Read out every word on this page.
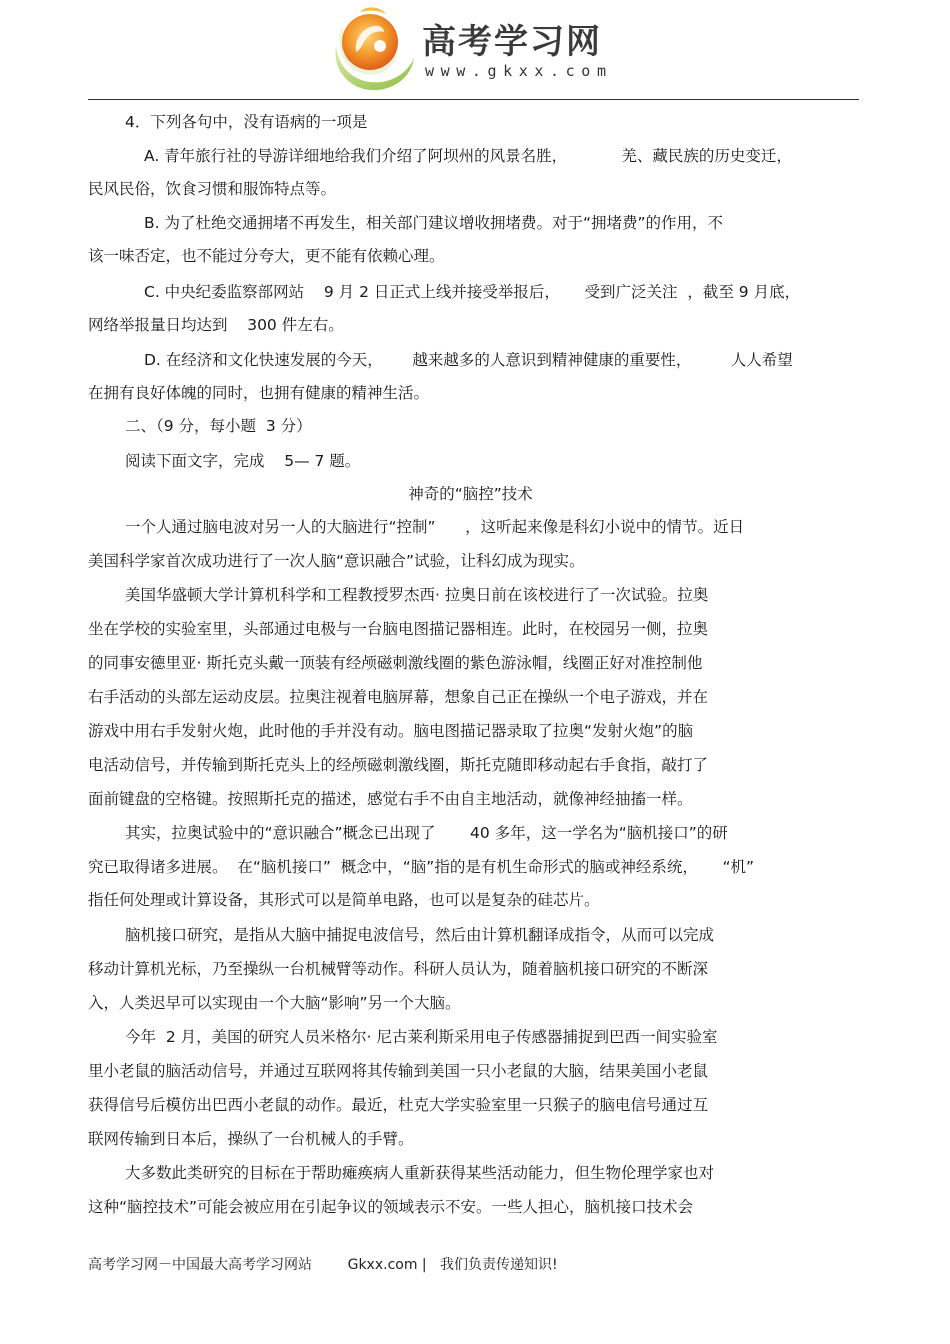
高考学习网
www.gkxx.com
4．下列各句中，没有语病的一项是
A. 青年旅行社的导游详细地给我们介绍了阿坝州的风景名胜，           羌、藏民族的历史变迁，
民风民俗，饮食习惯和服饰特点等。
B. 为了杜绝交通拥堵不再发生，相关部门建议增收拥堵费。对于“拥堵费”的作用，不
该一味否定，也不能过分夸大，更不能有依赖心理。
C. 中央纪委监察部网站    9 月 2 日正式上线并接受举报后，     受到广泛关注  ，截至 9 月底，
网络举报量日均达到    300 件左右。
D. 在经济和文化快速发展的今天，      越来越多的人意识到精神健康的重要性，        人人希望
在拥有良好体魄的同时，也拥有健康的精神生活。
二、（9 分，每小题  3 分）
阅读下面文字，完成    5— 7 题。
神奇的“脑控”技术
一个人通过脑电波对另一人的大脑进行“控制”      ，这听起来像是科幻小说中的情节。近日
美国科学家首次成功进行了一次人脑“意识融合”试验，让科幻成为现实。
美国华盛顿大学计算机科学和工程教授罗杰西· 拉奥日前在该校进行了一次试验。拉奥
坐在学校的实验室里，头部通过电极与一台脑电图描记器相连。此时，在校园另一侧，拉奥
的同事安德里亚· 斯托克头戴一顶装有经颅磁刺激线圈的紫色游泳帽，线圈正好对准控制他
右手活动的头部左运动皮层。拉奥注视着电脑屏幕，想象自己正在操纵一个电子游戏，并在
游戏中用右手发射火炮，此时他的手并没有动。脑电图描记器录取了拉奥“发射火炮”的脑
电活动信号，并传输到斯托克头上的经颅磁刺激线圈，斯托克随即移动起右手食指，敲打了
面前键盘的空格键。按照斯托克的描述，感觉右手不由自主地活动，就像神经抽搐一样。
其实，拉奥试验中的“意识融合”概念已出现了       40 多年，这一学名为“脑机接口”的研
究已取得诸多进展。  在“脑机接口”  概念中，“脑”指的是有机生命形式的脑或神经系统，     “机”
指任何处理或计算设备，其形式可以是简单电路，也可以是复杂的硅芯片。
脑机接口研究，是指从大脑中捕捉电波信号，然后由计算机翻译成指令，从而可以完成
移动计算机光标，乃至操纵一台机械臂等动作。科研人员认为，随着脑机接口研究的不断深
入，人类迟早可以实现由一个大脑“影响”另一个大脑。
今年  2 月，美国的研究人员米格尔· 尼古莱利斯采用电子传感器捕捉到巴西一间实验室
里小老鼠的脑活动信号，并通过互联网将其传输到美国一只小老鼠的大脑，结果美国小老鼠
获得信号后模仿出巴西小老鼠的动作。最近，杜克大学实验室里一只猴子的脑电信号通过互
联网传输到日本后，操纵了一台机械人的手臂。
大多数此类研究的目标在于帮助瘫痪病人重新获得某些活动能力，但生物伦理学家也对
这种“脑控技术”可能会被应用在引起争议的领域表示不安。一些人担心，脑机接口技术会
高考学习网－中国最大高考学习网站        Gkxx.com |   我们负责传递知识!
